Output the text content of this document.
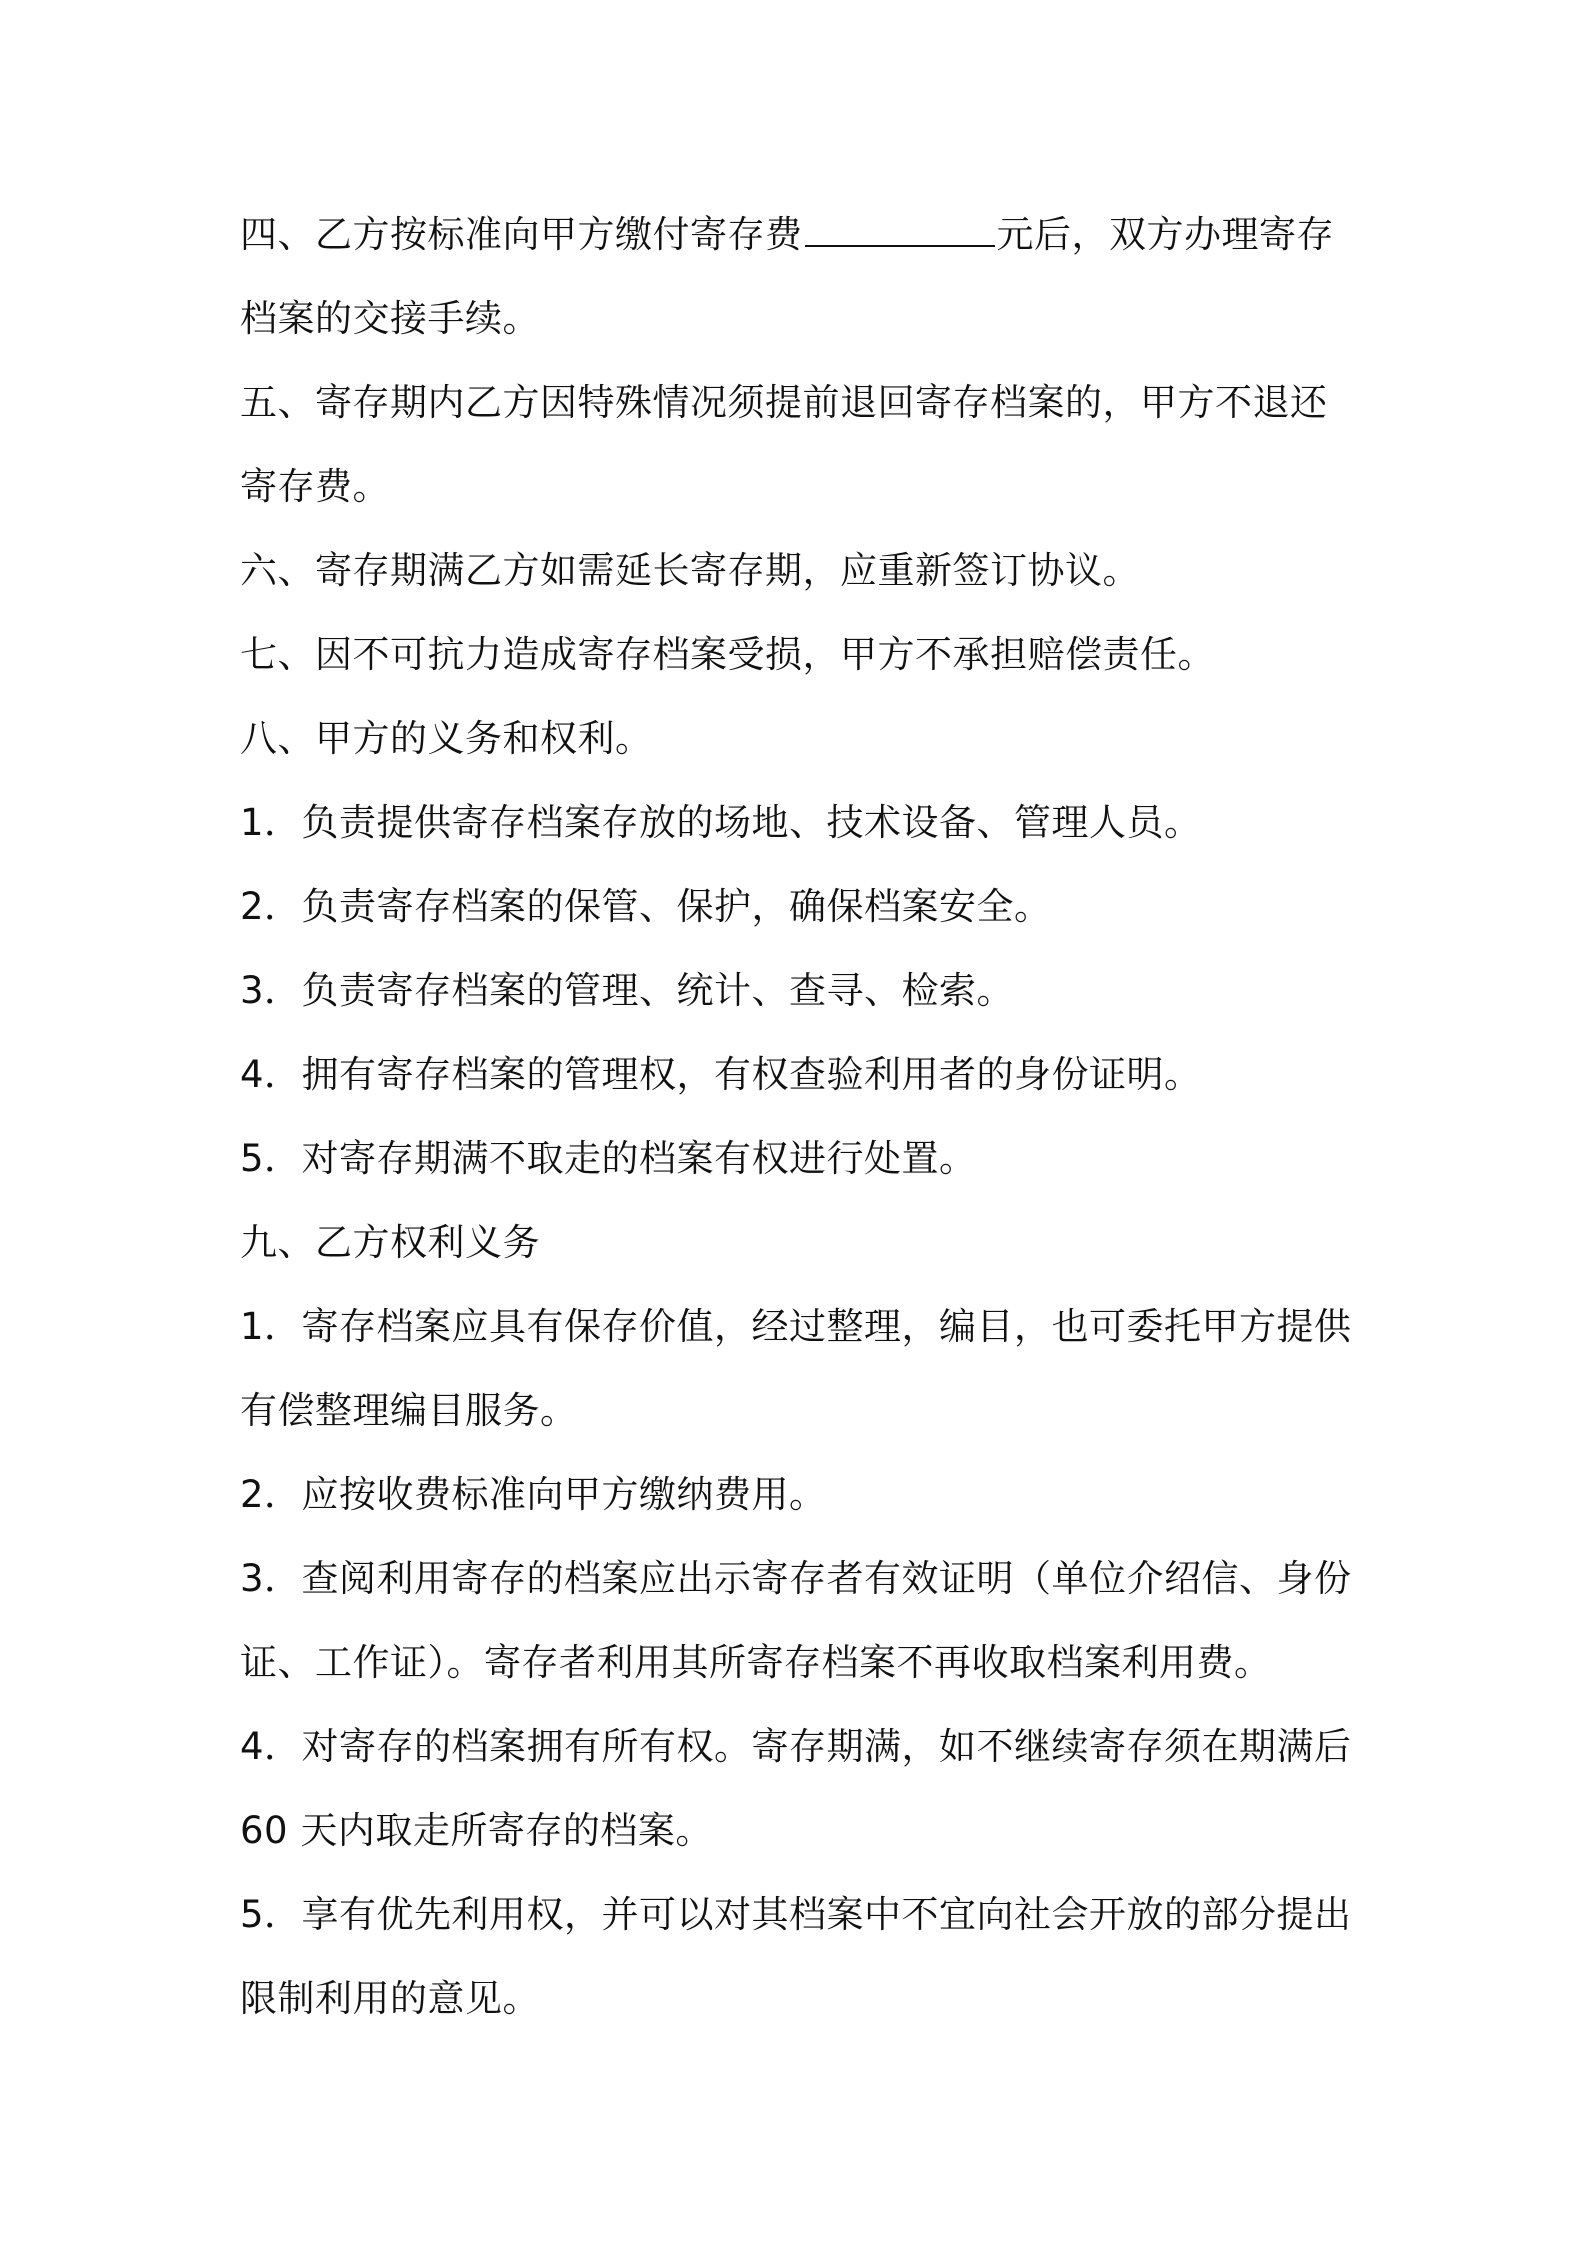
四、乙方按标准向甲方缴付寄存费	元后，双方办理寄存档案的交接手续。

五、寄存期内乙方因特殊情况须提前退回寄存档案的，甲方不退还寄存费。

六、寄存期满乙方如需延长寄存期，应重新签订协议。

七、因不可抗力造成寄存档案受损，甲方不承担赔偿责任。

八、甲方的义务和权利。

1．负责提供寄存档案存放的场地、技术设备、管理人员。

2．负责寄存档案的保管、保护，确保档案安全。

3．负责寄存档案的管理、统计、查寻、检索。

4．拥有寄存档案的管理权，有权查验利用者的身份证明。

5．对寄存期满不取走的档案有权进行处置。

九、乙方权利义务

1．寄存档案应具有保存价值，经过整理，编目，也可委托甲方提供有偿整理编目服务。

2．应按收费标准向甲方缴纳费用。

3．查阅利用寄存的档案应出示寄存者有效证明（单位介绍信、身份证、工作证）。寄存者利用其所寄存档案不再收取档案利用费。

4．对寄存的档案拥有所有权。寄存期满，如不继续寄存须在期满后 60 天内取走所寄存的档案。

5．享有优先利用权，并可以对其档案中不宜向社会开放的部分提出限制利用的意见。
